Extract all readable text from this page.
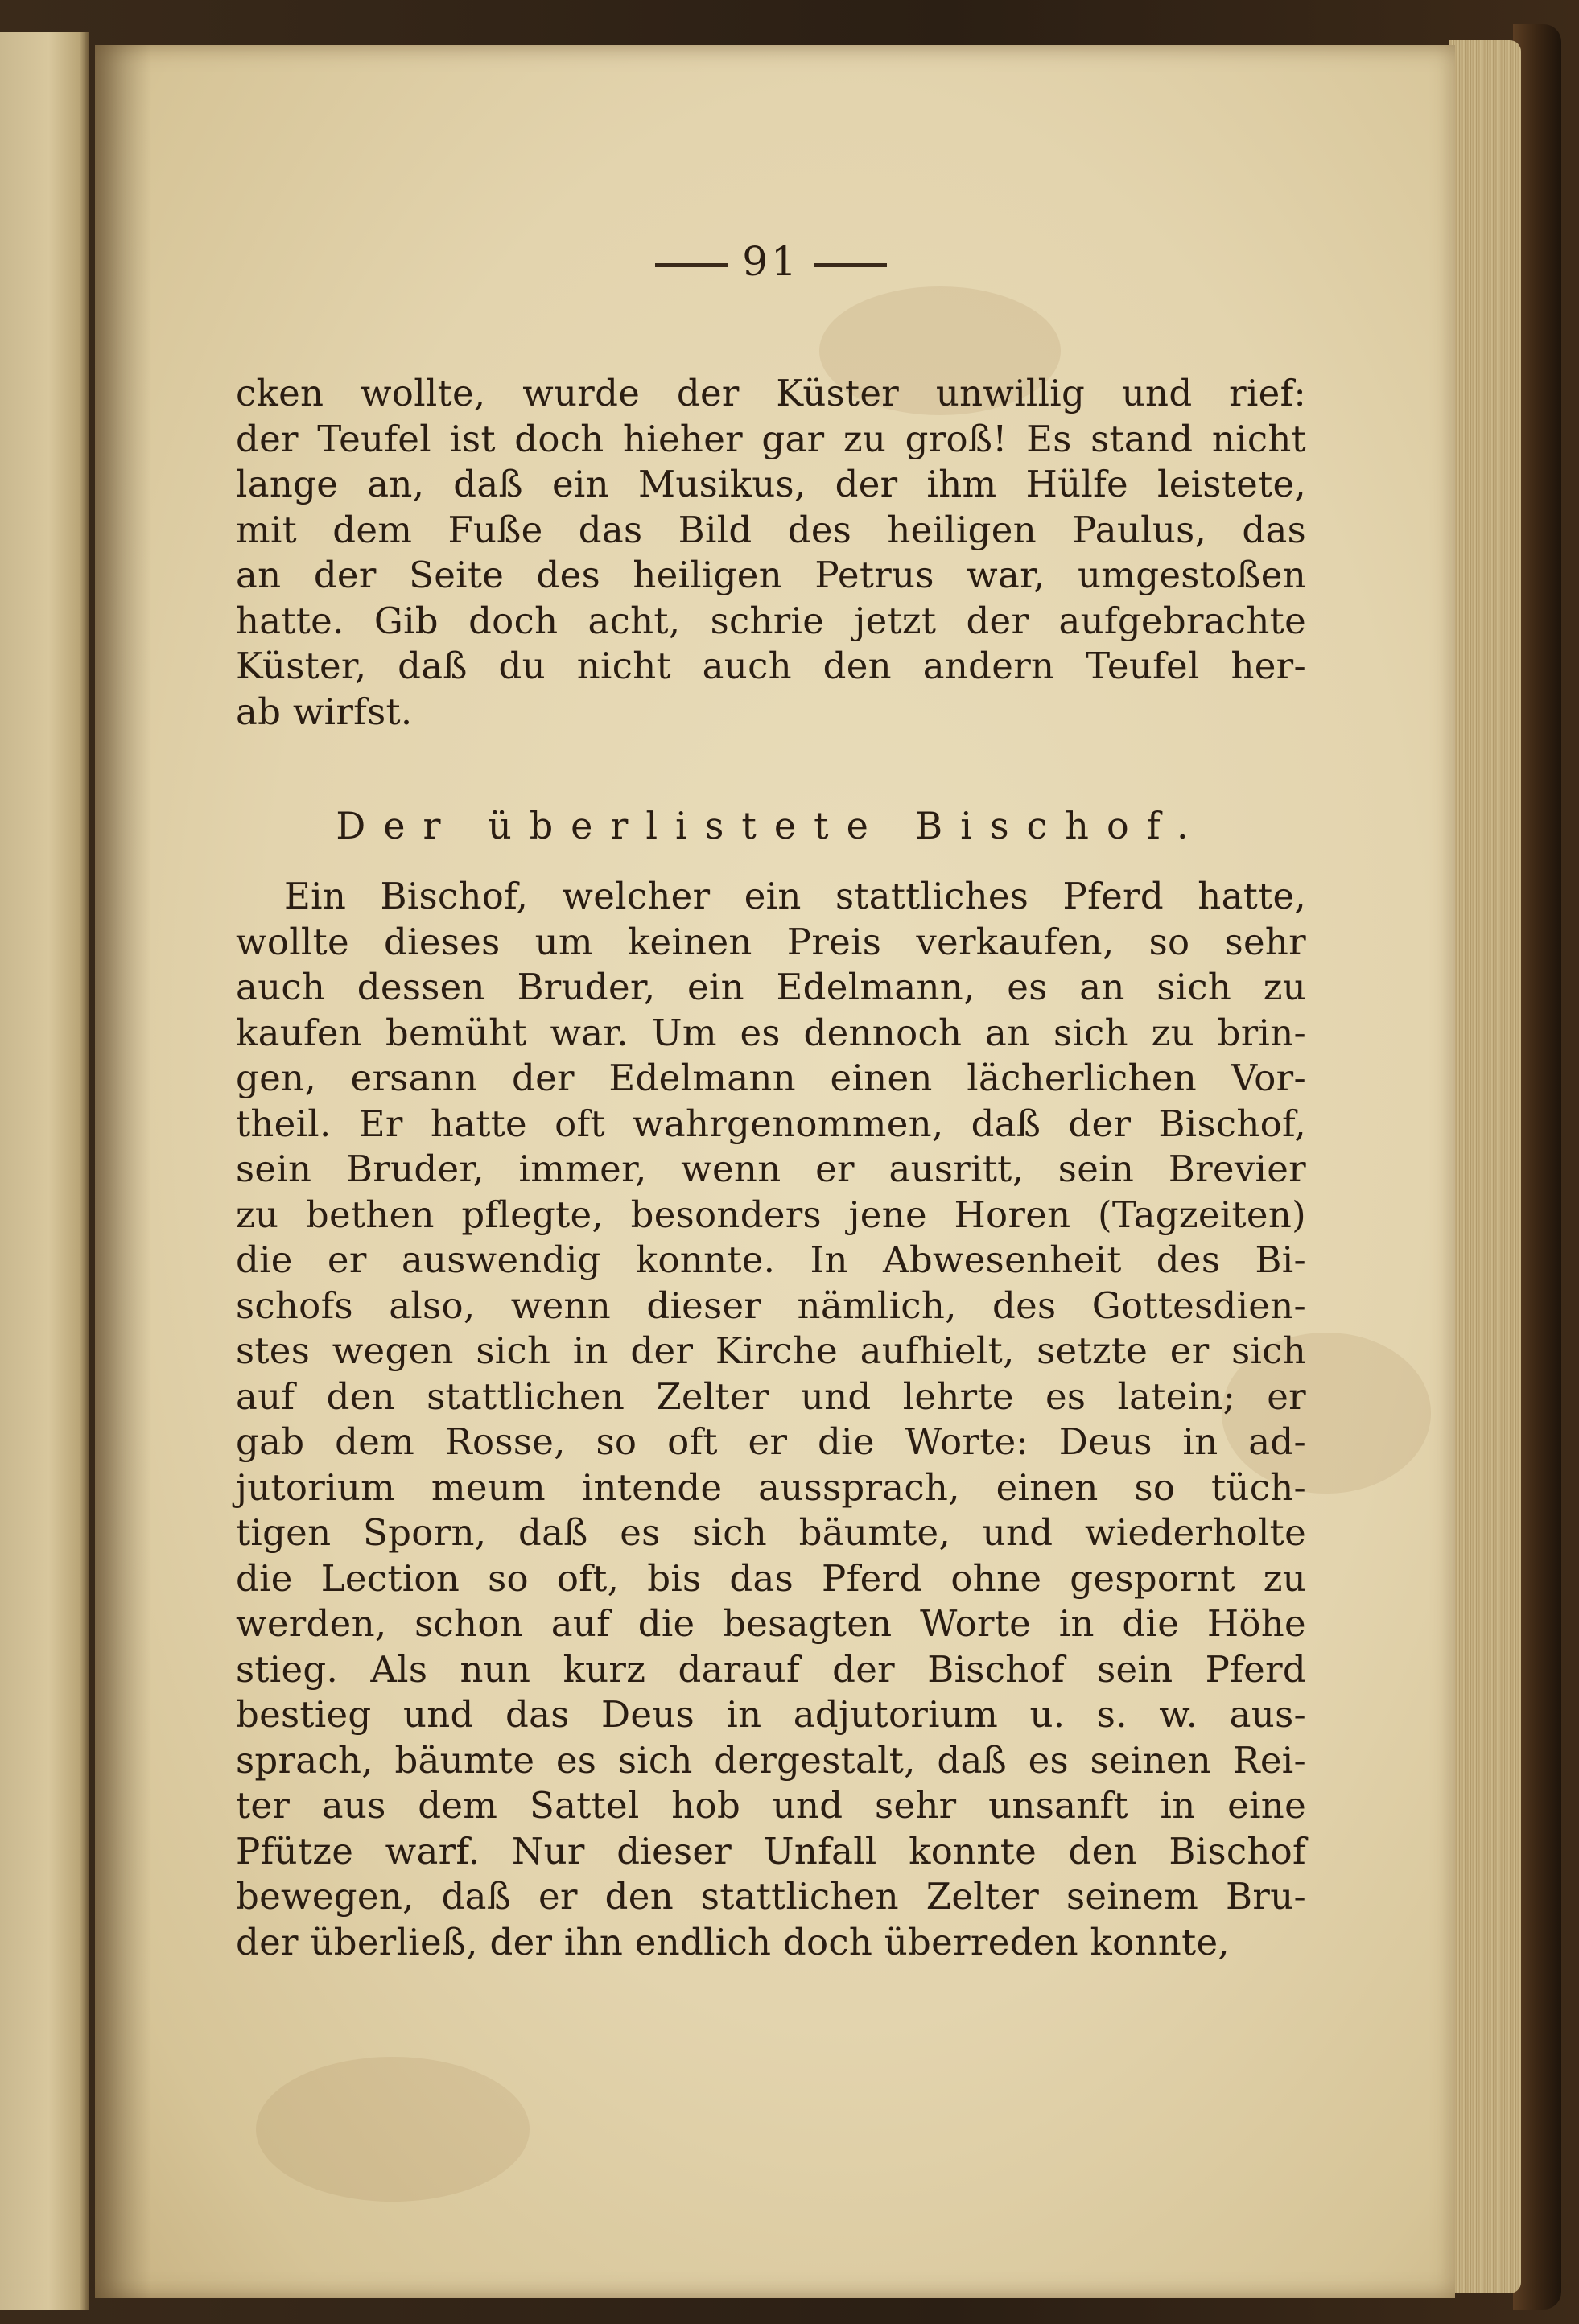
91
cken wollte, wurde der Küster unwillig und rief:
der Teufel ist doch hieher gar zu groß! Es stand nicht
lange an, daß ein Musikus, der ihm Hülfe leistete,
mit dem Fuße das Bild des heiligen Paulus, das
an der Seite des heiligen Petrus war, umgestoßen
hatte. Gib doch acht, schrie jetzt der aufgebrachte
Küster, daß du nicht auch den andern Teufel her-
ab wirfst.
Der überlistete Bischof.
Ein Bischof, welcher ein stattliches Pferd hatte,
wollte dieses um keinen Preis verkaufen, so sehr
auch dessen Bruder, ein Edelmann, es an sich zu
kaufen bemüht war. Um es dennoch an sich zu brin-
gen, ersann der Edelmann einen lächerlichen Vor-
theil. Er hatte oft wahrgenommen, daß der Bischof,
sein Bruder, immer, wenn er ausritt, sein Brevier
zu bethen pflegte, besonders jene Horen (Tagzeiten)
die er auswendig konnte. In Abwesenheit des Bi-
schofs also, wenn dieser nämlich, des Gottesdien-
stes wegen sich in der Kirche aufhielt, setzte er sich
auf den stattlichen Zelter und lehrte es latein; er
gab dem Rosse, so oft er die Worte: Deus in ad-
jutorium meum intende aussprach, einen so tüch-
tigen Sporn, daß es sich bäumte, und wiederholte
die Lection so oft, bis das Pferd ohne gespornt zu
werden, schon auf die besagten Worte in die Höhe
stieg. Als nun kurz darauf der Bischof sein Pferd
bestieg und das Deus in adjutorium u. s. w. aus-
sprach, bäumte es sich dergestalt, daß es seinen Rei-
ter aus dem Sattel hob und sehr unsanft in eine
Pfütze warf. Nur dieser Unfall konnte den Bischof
bewegen, daß er den stattlichen Zelter seinem Bru-
der überließ, der ihn endlich doch überreden konnte,
